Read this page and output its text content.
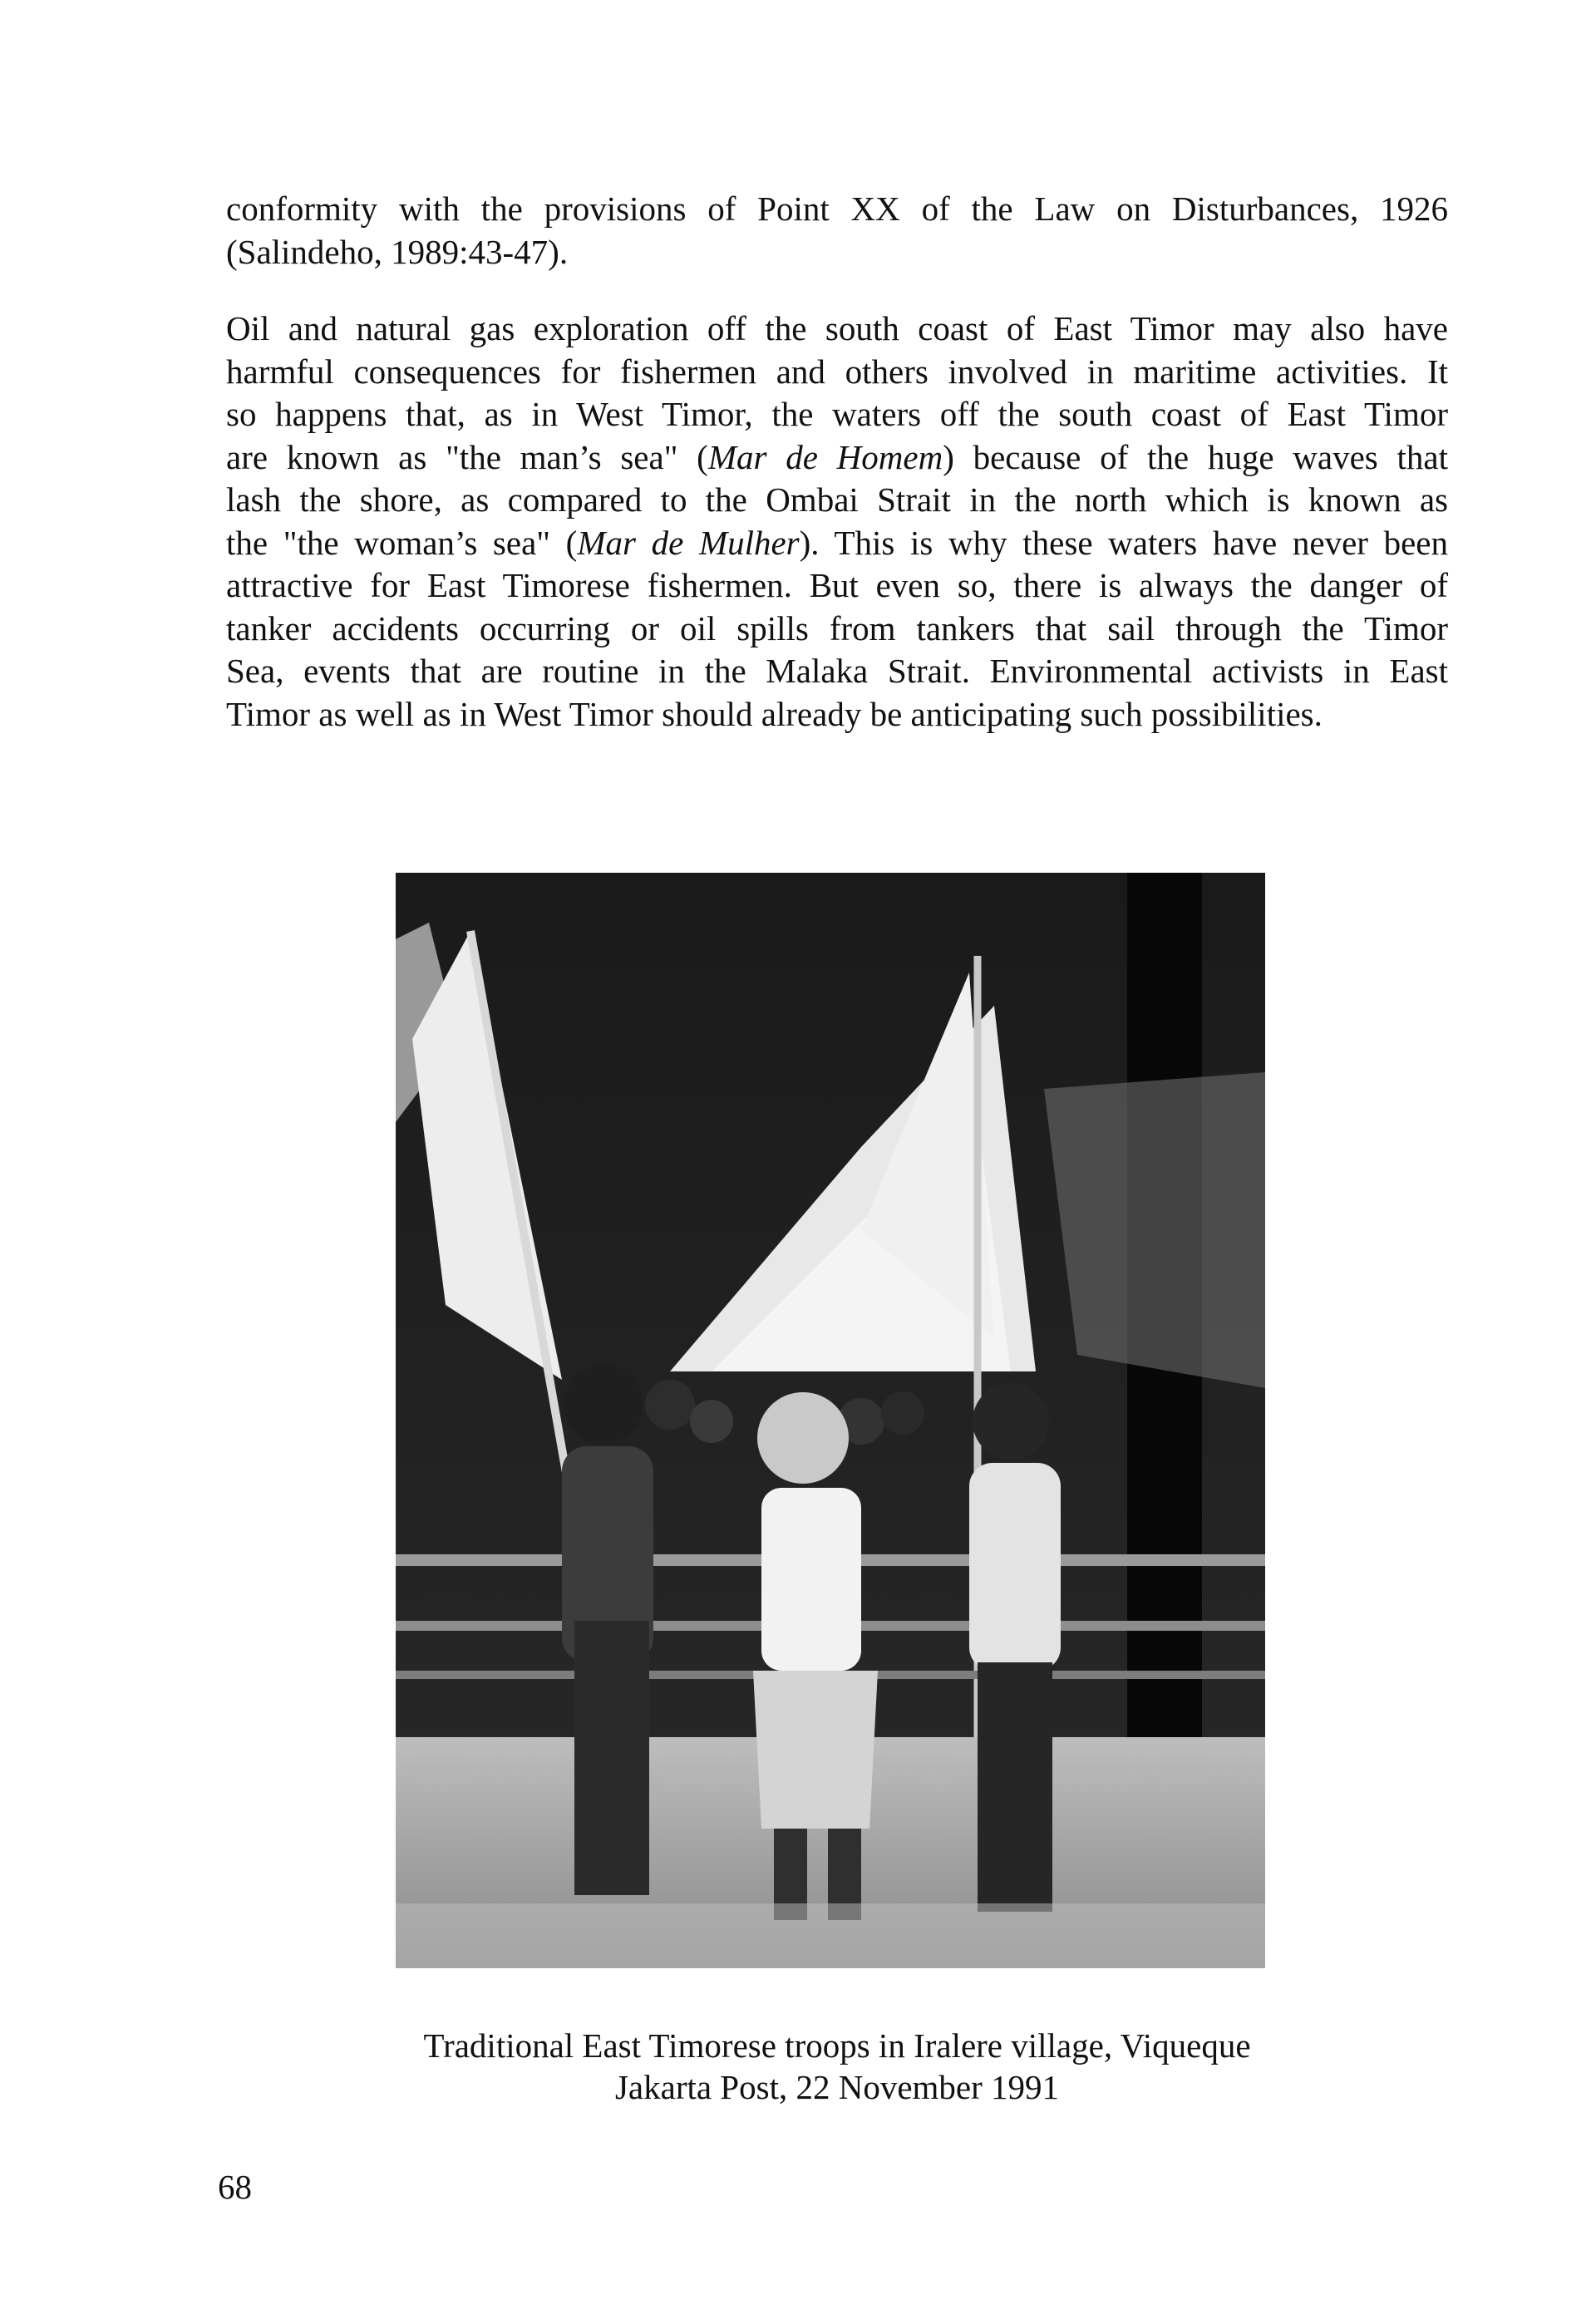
conformity with the provisions of Point XX of the Law on Disturbances, 1926
(Salindeho, 1989:43-47).

Oil and natural gas exploration off the south coast of East Timor may also have
harmful consequences for fishermen and others involved in maritime activities. It
so happens that, as in West Timor, the waters off the south coast of East Timor
are known as "the man’s sea" (Mar de Homem) because of the huge waves that
lash the shore, as compared to the Ombai Strait in the north which is known as
the "the woman’s sea" (Mar de Mulher). This is why these waters have never been
attractive for East Timorese fishermen. But even so, there is always the danger of
tanker accidents occurring or oil spills from tankers that sail through the Timor
Sea, events that are routine in the Malaka Strait. Environmental activists in East
Timor as well as in West Timor should already be anticipating such possibilities.

Traditional East Timorese troops in Iralere village, Viqueque
Jakarta Post, 22 November 1991
68
